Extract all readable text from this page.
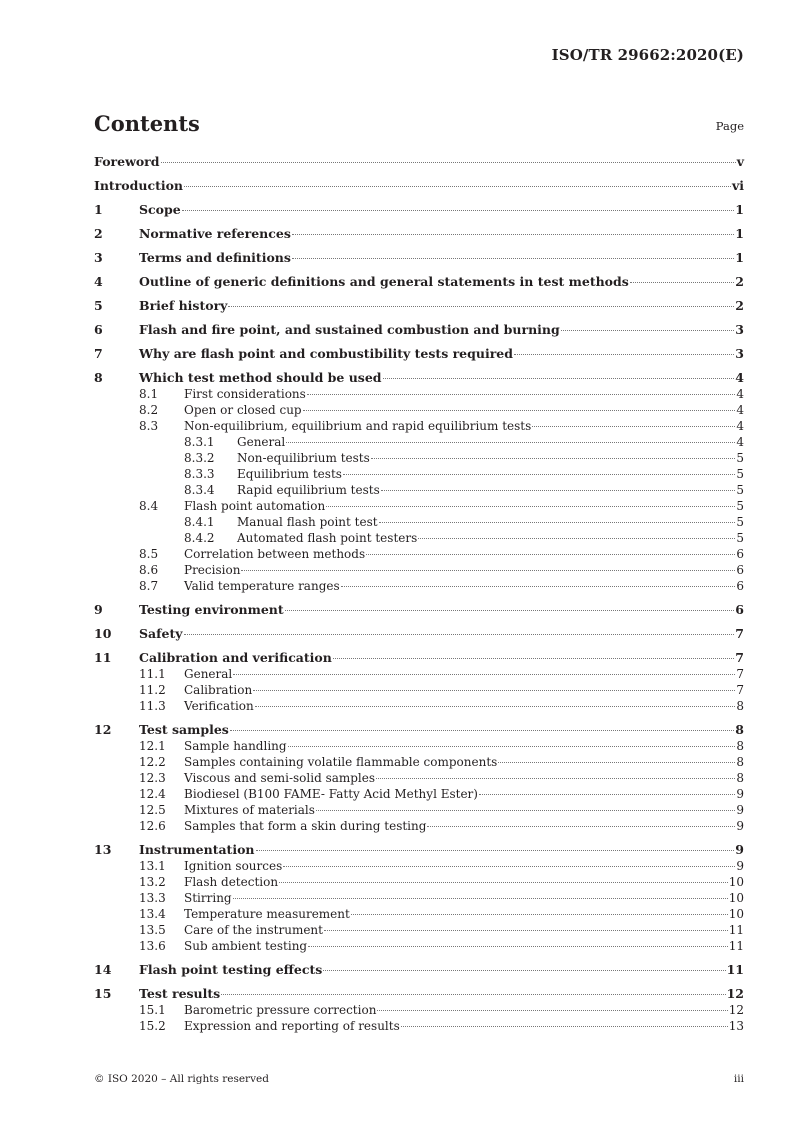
ISO/TR 29662:2020(E)
Contents	Page
Foreword	v
Introduction	vi
1	Scope	1
2	Normative references	1
3	Terms and definitions	1
4	Outline of generic definitions and general statements in test methods	2
5	Brief history	2
6	Flash and fire point, and sustained combustion and burning	3
7	Why are flash point and combustibility tests required	3
8	Which test method should be used	4
8.1	First considerations	4
8.2	Open or closed cup	4
8.3	Non-equilibrium, equilibrium and rapid equilibrium tests	4
8.3.1	General	4
8.3.2	Non-equilibrium tests	5
8.3.3	Equilibrium tests	5
8.3.4	Rapid equilibrium tests	5
8.4	Flash point automation	5
8.4.1	Manual flash point test	5
8.4.2	Automated flash point testers	5
8.5	Correlation between methods	6
8.6	Precision	6
8.7	Valid temperature ranges	6
9	Testing environment	6
10	Safety	7
11	Calibration and verification	7
11.1	General	7
11.2	Calibration	7
11.3	Verification	8
12	Test samples	8
12.1	Sample handling	8
12.2	Samples containing volatile flammable components	8
12.3	Viscous and semi-solid samples	8
12.4	Biodiesel (B100 FAME- Fatty Acid Methyl Ester)	9
12.5	Mixtures of materials	9
12.6	Samples that form a skin during testing	9
13	Instrumentation	9
13.1	Ignition sources	9
13.2	Flash detection	10
13.3	Stirring	10
13.4	Temperature measurement	10
13.5	Care of the instrument	11
13.6	Sub ambient testing	11
14	Flash point testing effects	11
15	Test results	12
15.1	Barometric pressure correction	12
15.2	Expression and reporting of results	13
© ISO 2020 – All rights reserved	iii
